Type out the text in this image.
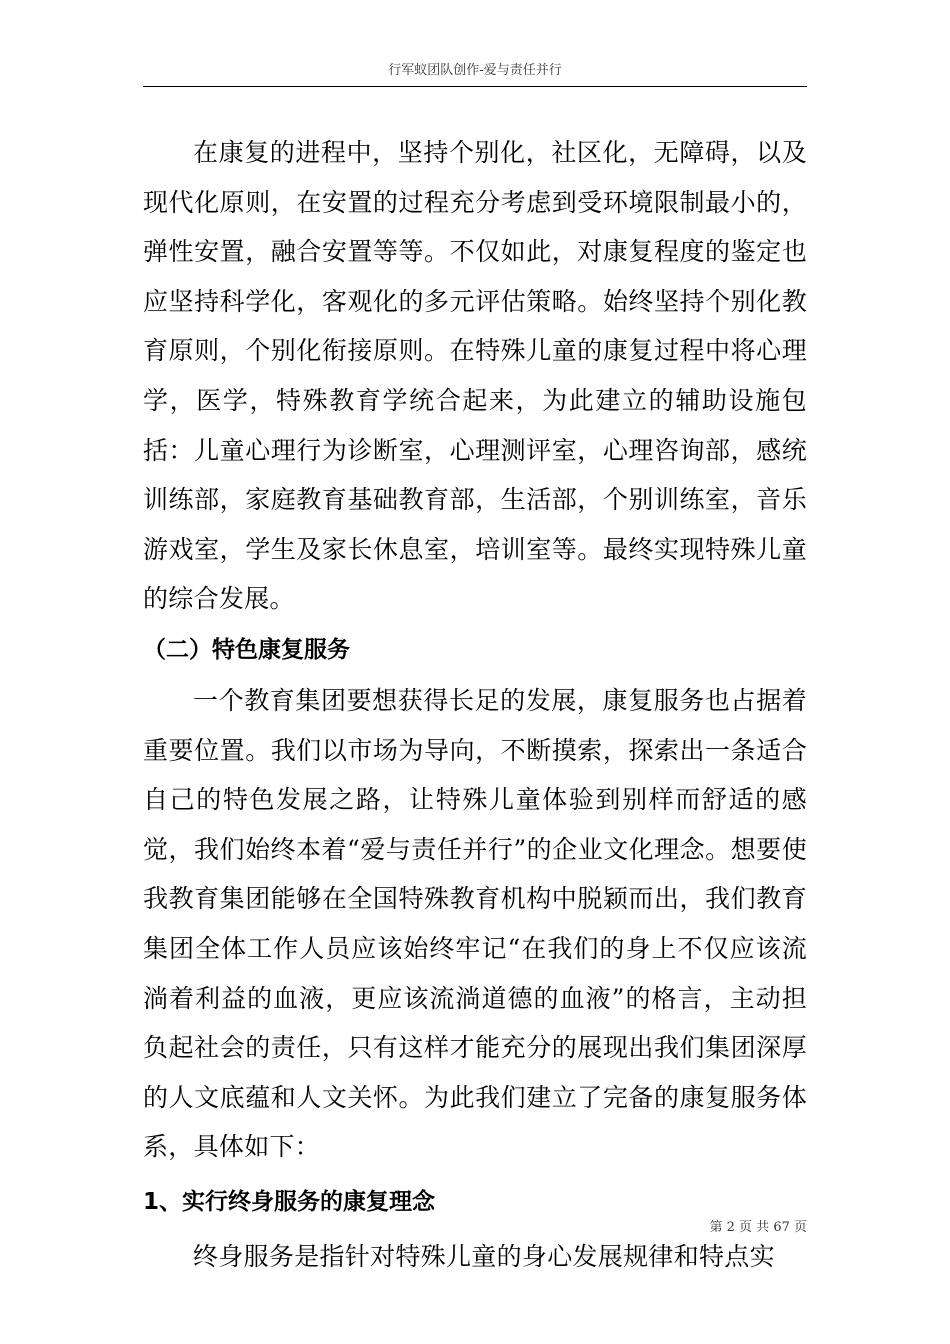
行军蚁团队创作-爱与责任并行

在康复的进程中，坚持个别化，社区化，无障碍，以及现代化原则，在安置的过程充分考虑到受环境限制最小的，弹性安置，融合安置等等。不仅如此，对康复程度的鉴定也应坚持科学化，客观化的多元评估策略。始终坚持个别化教育原则，个别化衔接原则。在特殊儿童的康复过程中将心理学，医学，特殊教育学统合起来，为此建立的辅助设施包括：儿童心理行为诊断室，心理测评室，心理咨询部，感统训练部，家庭教育基础教育部，生活部，个别训练室，音乐游戏室，学生及家长休息室，培训室等。最终实现特殊儿童的综合发展。

（二）特色康复服务

一个教育集团要想获得长足的发展，康复服务也占据着重要位置。我们以市场为导向，不断摸索，探索出一条适合自己的特色发展之路，让特殊儿童体验到别样而舒适的感觉，我们始终本着“爱与责任并行”的企业文化理念。想要使我教育集团能够在全国特殊教育机构中脱颖而出，我们教育集团全体工作人员应该始终牢记“在我们的身上不仅应该流淌着利益的血液，更应该流淌道德的血液”的格言，主动担负起社会的责任，只有这样才能充分的展现出我们集团深厚的人文底蕴和人文关怀。为此我们建立了完备的康复服务体系，具体如下：

1、实行终身服务的康复理念

终身服务是指针对特殊儿童的身心发展规律和特点实

第 2 页 共 67 页
